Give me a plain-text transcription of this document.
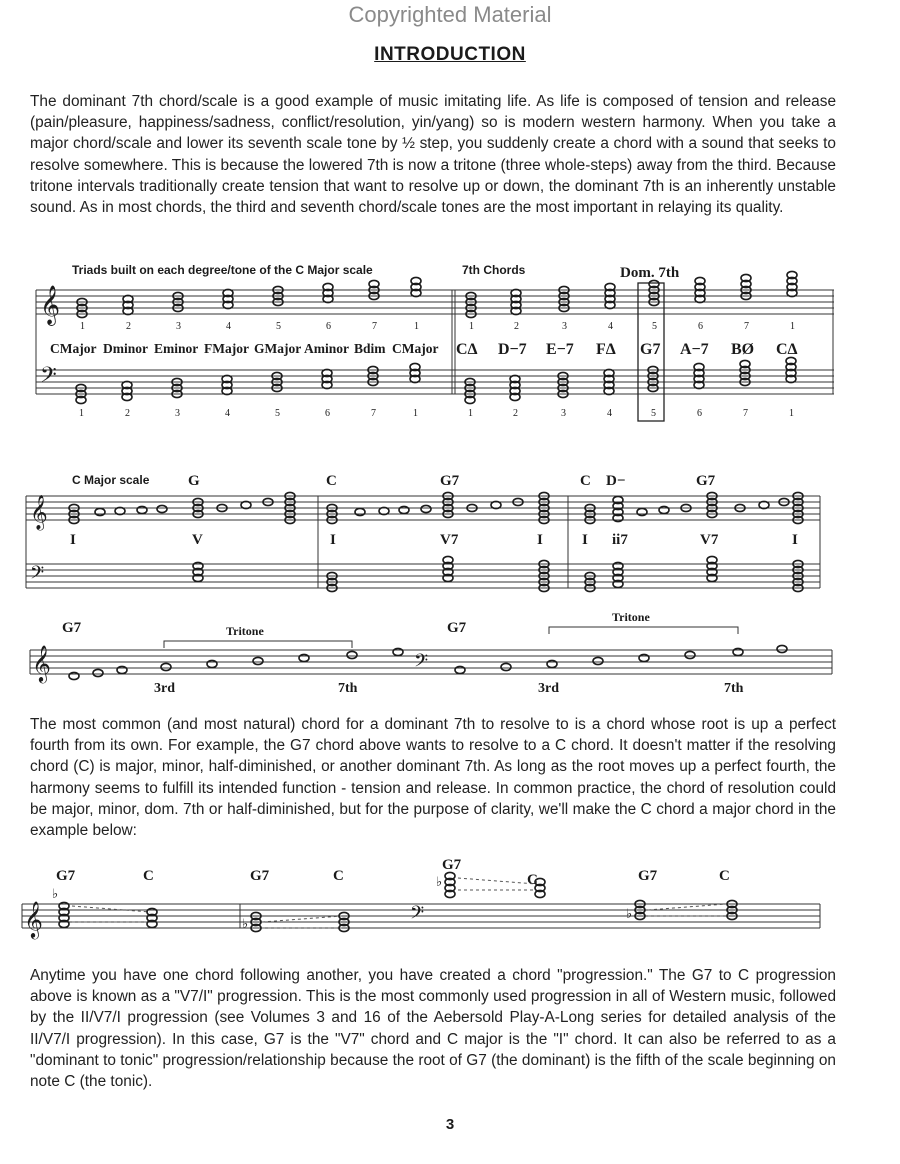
Copyrighted Material
INTRODUCTION
The dominant 7th chord/scale is a good example of music imitating life. As life is composed of tension and release (pain/pleasure, happiness/sadness, conflict/resolution, yin/yang) so is modern western harmony. When you take a major chord/scale and lower its seventh scale tone by ½ step, you suddenly create a chord with a sound that seeks to resolve somewhere. This is because the lowered 7th is now a tritone (three whole-steps) away from the third. Because tritone intervals traditionally create tension that want to resolve up or down, the dominant 7th is an inherently unstable sound. As in most chords, the third and seventh chord/scale tones are the most important in relaying its quality.
Triads built on each degree/tone of the C Major scale	7th Chords	Dom. 7th
𝄞
𝄢
1	2	3	4	5	6	7	1	1	2	3	4	5	6	7	1
1	2	3	4	5	6	7	1	1	2	3	4	5	6	7	1
CMajor Dminor Eminor FMajor GMajor Aminor Bdim CMajor CΔ D−7 E−7 FΔ G7 A−7 BØ CΔ
C Major scale	G	C	G7	C D−	G7
𝄞
𝄢
I	V	I	V7	I	I ii7	V7	I
G7	G7
Tritone
Tritone
𝄞	𝄢
3rd	7th	3rd	7th
The most common (and most natural) chord for a dominant 7th to resolve to is a chord whose root is up a perfect fourth from its own. For example, the G7 chord above wants to resolve to a C chord. It doesn't matter if the resolving chord (C) is major, minor, half-diminished, or another dominant 7th. As long as the root moves up a perfect fourth, the harmony seems to fulfill its intended function - tension and release. In common practice, the chord of resolution could be major, minor, dom. 7th or half-diminished, but for the purpose of clarity, we'll make the C chord a major chord in the example below:
G7	C	G7	C
G7
C	G7	C
𝄞	𝄢
♭
♭
♭
♭
Anytime you have one chord following another, you have created a chord "progression." The G7 to C progression above is known as a "V7/I" progression. This is the most commonly used progression in all of Western music, followed by the II/V7/I progression (see Volumes 3 and 16 of the Aebersold Play-A-Long series for detailed analysis of the II/V7/I progression). In this case, G7 is the "V7" chord and C major is the "I" chord. It can also be referred to as a "dominant to tonic" progression/relationship because the root of G7 (the dominant) is the fifth of the scale beginning on note C (the tonic).
3
